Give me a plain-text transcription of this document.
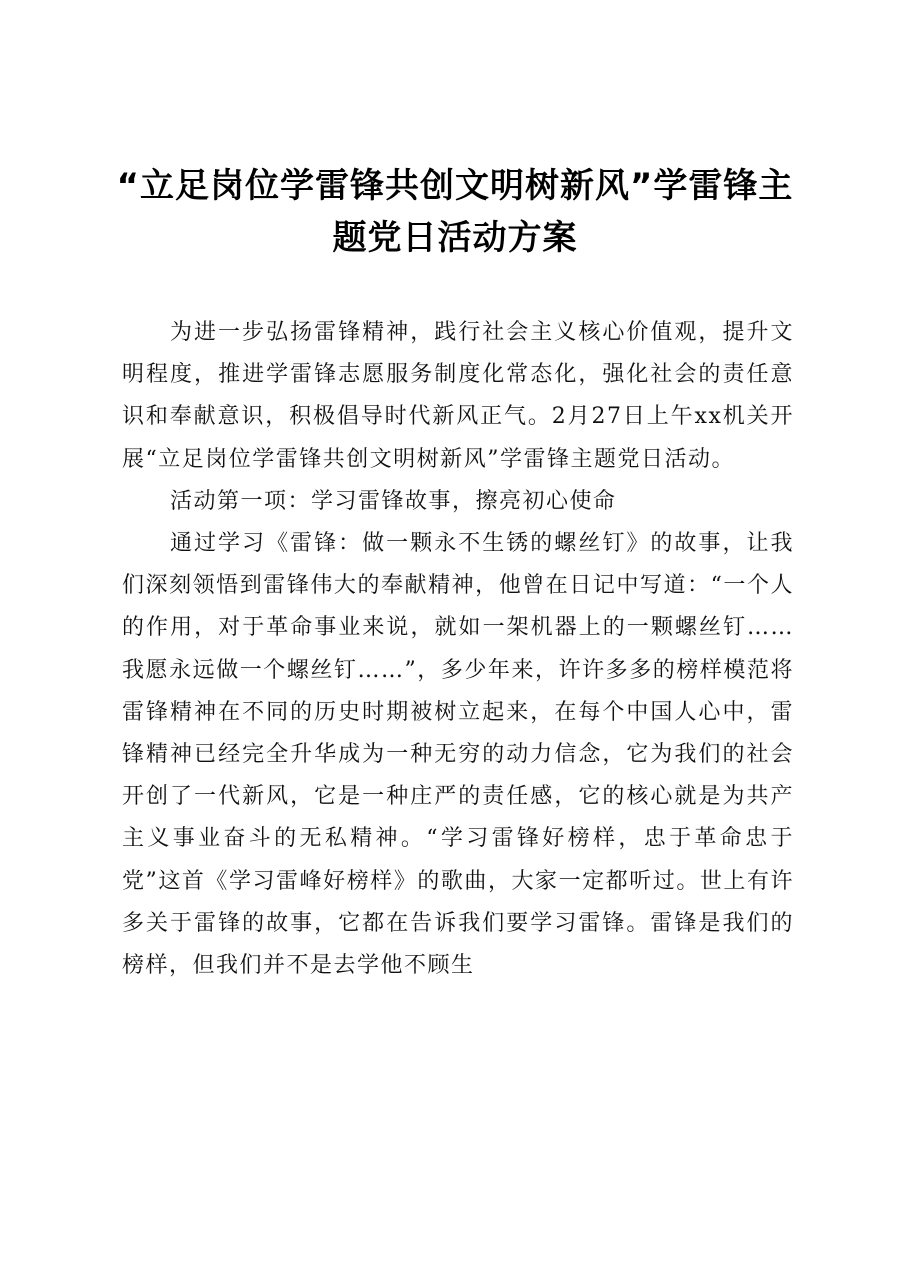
“立足岗位学雷锋共创文明树新风”学雷锋主
题党日活动方案

为进一步弘扬雷锋精神，践行社会主义核心价值观，提升文明程度，推进学雷锋志愿服务制度化常态化，强化社会的责任意识和奉献意识，积极倡导时代新风正气。2月27日上午xx机关开展“立足岗位学雷锋共创文明树新风”学雷锋主题党日活动。

活动第一项：学习雷锋故事，擦亮初心使命

通过学习《雷锋：做一颗永不生锈的螺丝钉》的故事，让我们深刻领悟到雷锋伟大的奉献精神，他曾在日记中写道：“一个人的作用，对于革命事业来说，就如一架机器上的一颗螺丝钉……我愿永远做一个螺丝钉……”，多少年来，许许多多的榜样模范将雷锋精神在不同的历史时期被树立起来，在每个中国人心中，雷锋精神已经完全升华成为一种无穷的动力信念，它为我们的社会开创了一代新风，它是一种庄严的责任感，它的核心就是为共产主义事业奋斗的无私精神。“学习雷锋好榜样，忠于革命忠于党”这首《学习雷峰好榜样》的歌曲，大家一定都听过。世上有许多关于雷锋的故事，它都在告诉我们要学习雷锋。雷锋是我们的榜样，但我们并不是去学他不顾生
